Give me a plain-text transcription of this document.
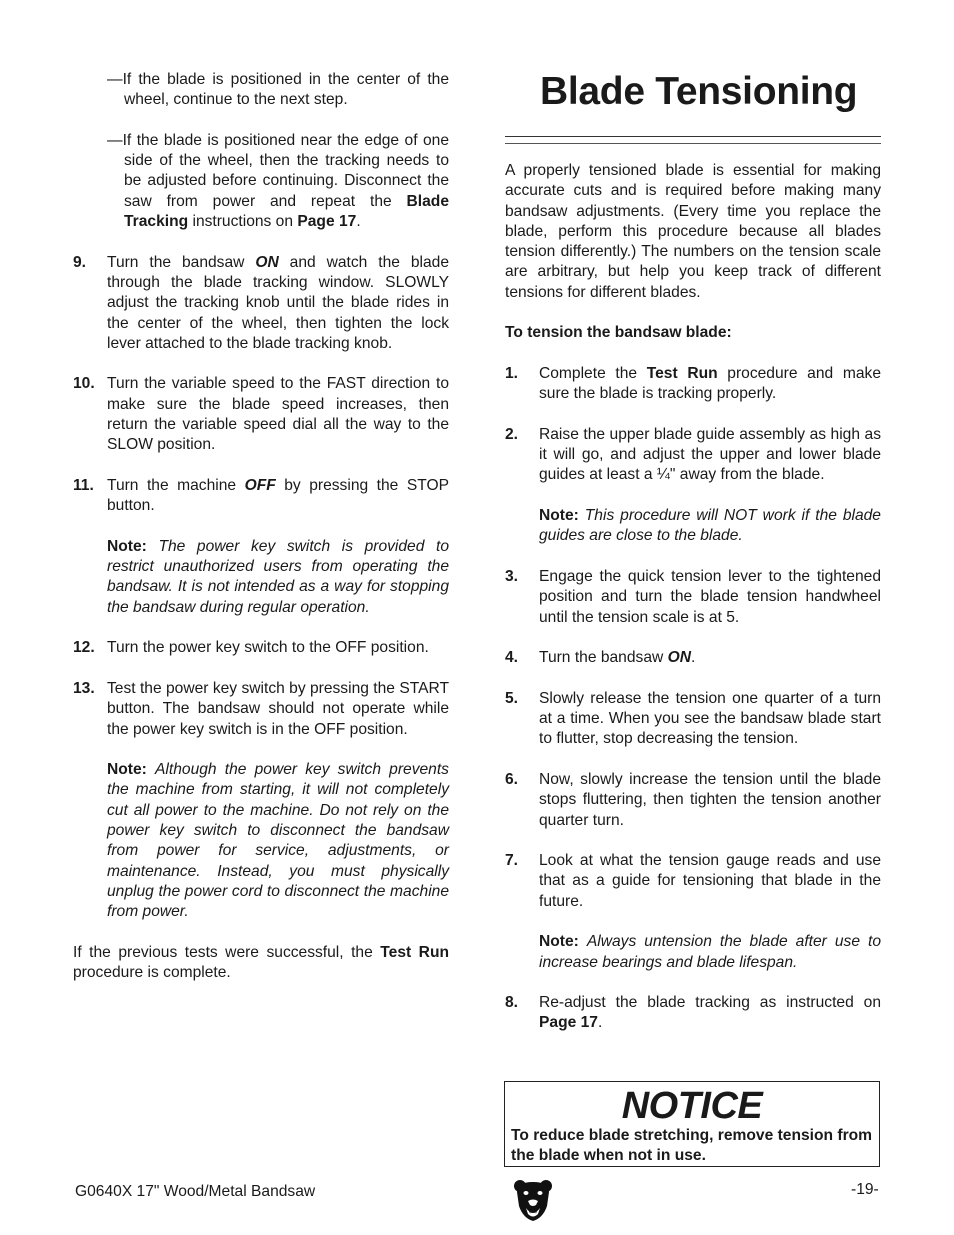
—If the blade is positioned in the center of the wheel, continue to the next step.

—If the blade is positioned near the edge of one side of the wheel, then the tracking needs to be adjusted before continuing. Disconnect the saw from power and repeat the Blade Tracking instructions on Page 17.

9. Turn the bandsaw ON and watch the blade through the blade tracking window. SLOWLY adjust the tracking knob until the blade rides in the center of the wheel, then tighten the lock lever attached to the blade tracking knob.

10. Turn the variable speed to the FAST direction to make sure the blade speed increases, then return the variable speed dial all the way to the SLOW position.

11. Turn the machine OFF by pressing the STOP button.

Note: The power key switch is provided to restrict unauthorized users from operating the bandsaw. It is not intended as a way for stopping the bandsaw during regular operation.

12. Turn the power key switch to the OFF position.

13. Test the power key switch by pressing the START button. The bandsaw should not operate while the power key switch is in the OFF position.

Note: Although the power key switch prevents the machine from starting, it will not completely cut all power to the machine. Do not rely on the power key switch to disconnect the bandsaw from power for service, adjustments, or maintenance. Instead, you must physically unplug the power cord to disconnect the machine from power.

If the previous tests were successful, the Test Run procedure is complete.

Blade Tensioning

A properly tensioned blade is essential for making accurate cuts and is required before making many bandsaw adjustments. (Every time you replace the blade, perform this procedure because all blades tension differently.) The numbers on the tension scale are arbitrary, but help you keep track of different tensions for different blades.

To tension the bandsaw blade:

1. Complete the Test Run procedure and make sure the blade is tracking properly.

2. Raise the upper blade guide assembly as high as it will go, and adjust the upper and lower blade guides at least a ¼" away from the blade.

Note: This procedure will NOT work if the blade guides are close to the blade.

3. Engage the quick tension lever to the tightened position and turn the blade tension handwheel until the tension scale is at 5.

4. Turn the bandsaw ON.

5. Slowly release the tension one quarter of a turn at a time. When you see the bandsaw blade start to flutter, stop decreasing the tension.

6. Now, slowly increase the tension until the blade stops fluttering, then tighten the tension another quarter turn.

7. Look at what the tension gauge reads and use that as a guide for tensioning that blade in the future.

Note: Always untension the blade after use to increase bearings and blade lifespan.

8. Re-adjust the blade tracking as instructed on Page 17.

NOTICE
To reduce blade stretching, remove tension from the blade when not in use.
G0640X 17" Wood/Metal Bandsaw	-19-
